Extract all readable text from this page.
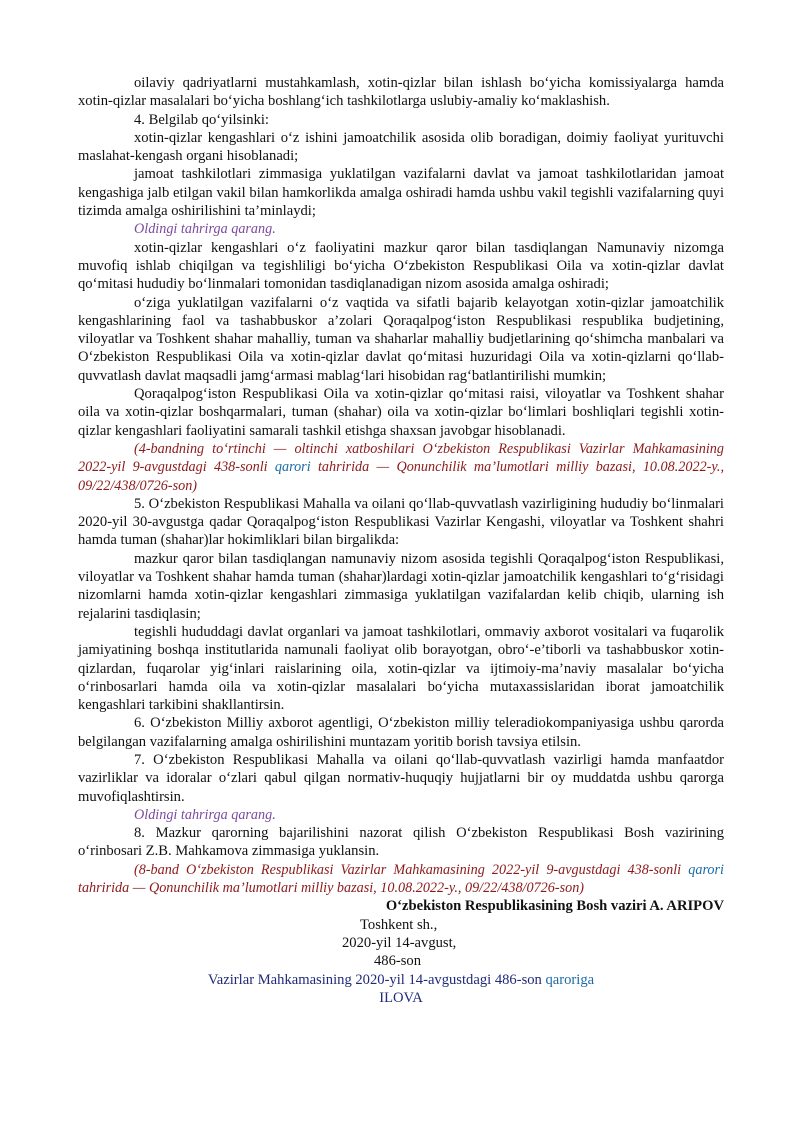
oilaviy qadriyatlarni mustahkamlash, xotin-qizlar bilan ishlash bo‘yicha komissiyalarga hamda xotin-qizlar masalalari bo‘yicha boshlang‘ich tashkilotlarga uslubiy-amaliy ko‘maklashish.

4. Belgilab qo‘yilsinki:

xotin-qizlar kengashlari o‘z ishini jamoatchilik asosida olib boradigan, doimiy faoliyat yurituvchi maslahat-kengash organi hisoblanadi;

jamoat tashkilotlari zimmasiga yuklatilgan vazifalarni davlat va jamoat tashkilotlaridan jamoat kengashiga jalb etilgan vakil bilan hamkorlikda amalga oshiradi hamda ushbu vakil tegishli vazifalarning quyi tizimda amalga oshirilishini ta’minlaydi;

Oldingi tahrirga qarang.

xotin-qizlar kengashlari o‘z faoliyatini mazkur qaror bilan tasdiqlangan Namunaviy nizomga muvofiq ishlab chiqilgan va tegishliligi bo‘yicha O‘zbekiston Respublikasi Oila va xotin-qizlar davlat qo‘mitasi hududiy bo‘linmalari tomonidan tasdiqlanadigan nizom asosida amalga oshiradi;

o‘ziga yuklatilgan vazifalarni o‘z vaqtida va sifatli bajarib kelayotgan xotin-qizlar jamoatchilik kengashlarining faol va tashabbuskor a’zolari Qoraqalpog‘iston Respublikasi respublika budjetining, viloyatlar va Toshkent shahar mahalliy, tuman va shaharlar mahalliy budjetlarining qo‘shimcha manbalari va O‘zbekiston Respublikasi Oila va xotin-qizlar davlat qo‘mitasi huzuridagi Oila va xotin-qizlarni qo‘llab-quvvatlash davlat maqsadli jamg‘armasi mablag‘lari hisobidan rag‘batlantirilishi mumkin;

Qoraqalpog‘iston Respublikasi Oila va xotin-qizlar qo‘mitasi raisi, viloyatlar va Toshkent shahar oila va xotin-qizlar boshqarmalari, tuman (shahar) oila va xotin-qizlar bo‘limlari boshliqlari tegishli xotin-qizlar kengashlari faoliyatini samarali tashkil etishga shaxsan javobgar hisoblanadi.

(4-bandning to‘rtinchi — oltinchi xatboshilari O‘zbekiston Respublikasi Vazirlar Mahkamasining 2022-yil 9-avgustdagi 438-sonli qarori tahririda — Qonunchilik ma’lumotlari milliy bazasi, 10.08.2022-y., 09/22/438/0726-son)

5. O‘zbekiston Respublikasi Mahalla va oilani qo‘llab-quvvatlash vazirligining hududiy bo‘linmalari 2020-yil 30-avgustga qadar Qoraqalpog‘iston Respublikasi Vazirlar Kengashi, viloyatlar va Toshkent shahri hamda tuman (shahar)lar hokimliklari bilan birgalikda:

mazkur qaror bilan tasdiqlangan namunaviy nizom asosida tegishli Qoraqalpog‘iston Respublikasi, viloyatlar va Toshkent shahar hamda tuman (shahar)lardagi xotin-qizlar jamoatchilik kengashlari to‘g‘risidagi nizomlarni hamda xotin-qizlar kengashlari zimmasiga yuklatilgan vazifalardan kelib chiqib, ularning ish rejalarini tasdiqlasin;

tegishli hududdagi davlat organlari va jamoat tashkilotlari, ommaviy axborot vositalari va fuqarolik jamiyatining boshqa institutlarida namunali faoliyat olib borayotgan, obro‘-e’tiborli va tashabbuskor xotin-qizlardan, fuqarolar yig‘inlari raislarining oila, xotin-qizlar va ijtimoiy-ma’naviy masalalar bo‘yicha o‘rinbosarlari hamda oila va xotin-qizlar masalalari bo‘yicha mutaxassislaridan iborat jamoatchilik kengashlari tarkibini shakllantirsin.

6. O‘zbekiston Milliy axborot agentligi, O‘zbekiston milliy teleradiokompaniyasiga ushbu qarorda belgilangan vazifalarning amalga oshirilishini muntazam yoritib borish tavsiya etilsin.

7. O‘zbekiston Respublikasi Mahalla va oilani qo‘llab-quvvatlash vazirligi hamda manfaatdor vazirliklar va idoralar o‘zlari qabul qilgan normativ-huquqiy hujjatlarni bir oy muddatda ushbu qarorga muvofiqlashtirsin.

Oldingi tahrirga qarang.

8. Mazkur qarorning bajarilishini nazorat qilish O‘zbekiston Respublikasi Bosh vazirining o‘rinbosari Z.B. Mahkamova zimmasiga yuklansin.

(8-band O‘zbekiston Respublikasi Vazirlar Mahkamasining 2022-yil 9-avgustdagi 438-sonli qarori tahririda — Qonunchilik ma’lumotlari milliy bazasi, 10.08.2022-y., 09/22/438/0726-son)

O‘zbekiston Respublikasining Bosh vaziri A. ARIPOV

Toshkent sh.,

2020-yil 14-avgust,

486-son

Vazirlar Mahkamasining 2020-yil 14-avgustdagi 486-son qaroriga

ILOVA
